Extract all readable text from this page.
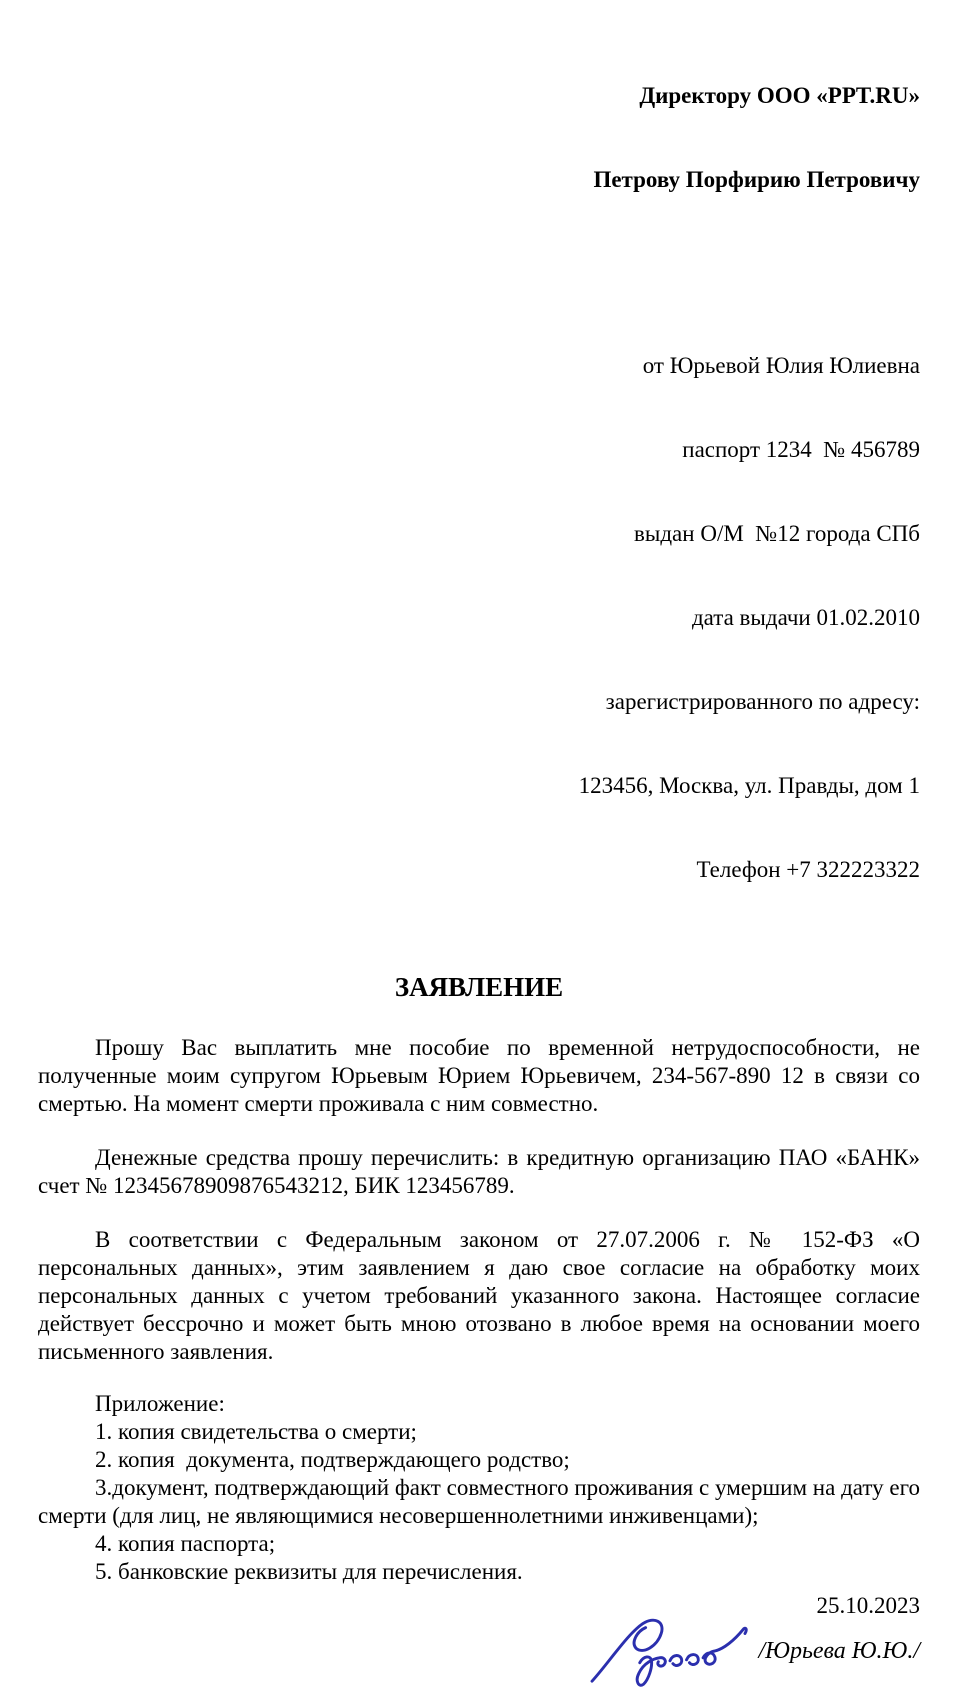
Директору ООО «PPT.RU»

Петрову Порфирию Петровичу

от Юрьевой Юлия Юлиевна

паспорт 1234  № 456789

выдан О/М  №12 города СПб

дата выдачи 01.02.2010

зарегистрированного по адресу:

123456, Москва, ул. Правды, дом 1

Телефон +7 322223322

ЗАЯВЛЕНИЕ

Прошу Вас выплатить мне пособие по временной нетрудоспособности, не полученные моим супругом Юрьевым Юрием Юрьевичем, 234-567-890 12 в связи со смертью. На момент смерти проживала с ним совместно.

Денежные средства прошу перечислить: в кредитную организацию ПАО «БАНК» счет № 12345678909876543212, БИК 123456789.

В соответствии с Федеральным законом от 27.07.2006 г. № 152-ФЗ «О персональных данных», этим заявлением я даю свое согласие на обработку моих персональных данных с учетом требований указанного закона. Настоящее согласие действует бессрочно и может быть мною отозвано в любое время на основании моего письменного заявления.

Приложение:

1. копия свидетельства о смерти;

2. копия  документа, подтверждающего родство;

3.документ, подтверждающий факт совместного проживания с умершим на дату его смерти (для лиц, не являющимися несовершеннолетними инживенцами);

4. копия паспорта;

5. банковские реквизиты для перечисления.

25.10.2023
/Юрьева Ю.Ю./
